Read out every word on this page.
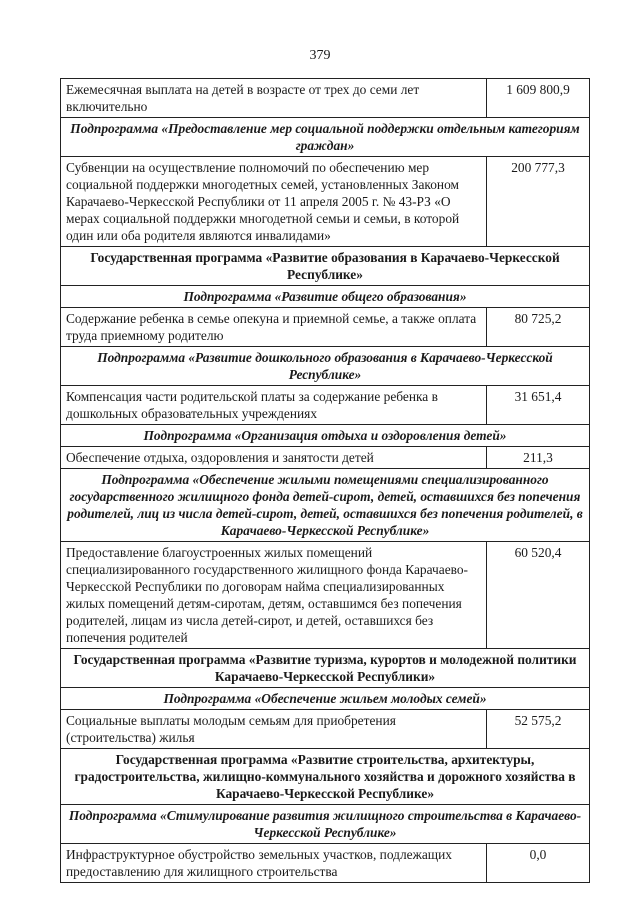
379
Ежемесячная выплата на детей в возрасте от трех до семи лет включительно	1 609 800,9
Подпрограмма «Предоставление мер социальной поддержки отдельным категориям граждан»	
Субвенции на осуществление полномочий по обеспечению мер социальной поддержки многодетных семей, установленных Законом Карачаево-Черкесской Республики от 11 апреля 2005 г. № 43-РЗ «О мерах социальной поддержки многодетной семьи и семьи, в которой один или оба родителя являются инвалидами»	200 777,3
Государственная программа «Развитие образования в Карачаево-Черкесской Республике»	
Подпрограмма «Развитие общего образования»	
Содержание ребенка в семье опекуна и приемной семье, а также оплата труда приемному родителю	80 725,2
Подпрограмма «Развитие дошкольного образования в Карачаево-Черкесской Республике»	
Компенсация части родительской платы за содержание ребенка в дошкольных образовательных учреждениях	31 651,4
Подпрограмма «Организация отдыха и оздоровления детей»	
Обеспечение отдыха, оздоровления и занятости детей	211,3
Подпрограмма «Обеспечение жилыми помещениями специализированного государственного жилищного фонда детей-сирот, детей, оставшихся без попечения родителей, лиц из числа детей-сирот, детей, оставшихся без попечения родителей, в Карачаево-Черкесской Республике»	
Предоставление благоустроенных жилых помещений специализированного государственного жилищного фонда Карачаево-Черкесской Республики по договорам найма специализированных жилых помещений детям-сиротам, детям, оставшимся без попечения родителей, лицам из числа детей-сирот, и детей, оставшихся без попечения родителей	60 520,4
Государственная программа «Развитие туризма, курортов и молодежной политики Карачаево-Черкесской Республики»	
Подпрограмма «Обеспечение жильем молодых семей»	
Социальные выплаты молодым семьям для приобретения (строительства) жилья	52 575,2
Государственная программа «Развитие строительства, архитектуры, градостроительства, жилищно-коммунального хозяйства и дорожного хозяйства в Карачаево-Черкесской Республике»	
Подпрограмма «Стимулирование развития жилищного строительства в Карачаево-Черкесской Республике»	
Инфраструктурное обустройство земельных участков, подлежащих предоставлению для жилищного строительства	0,0
